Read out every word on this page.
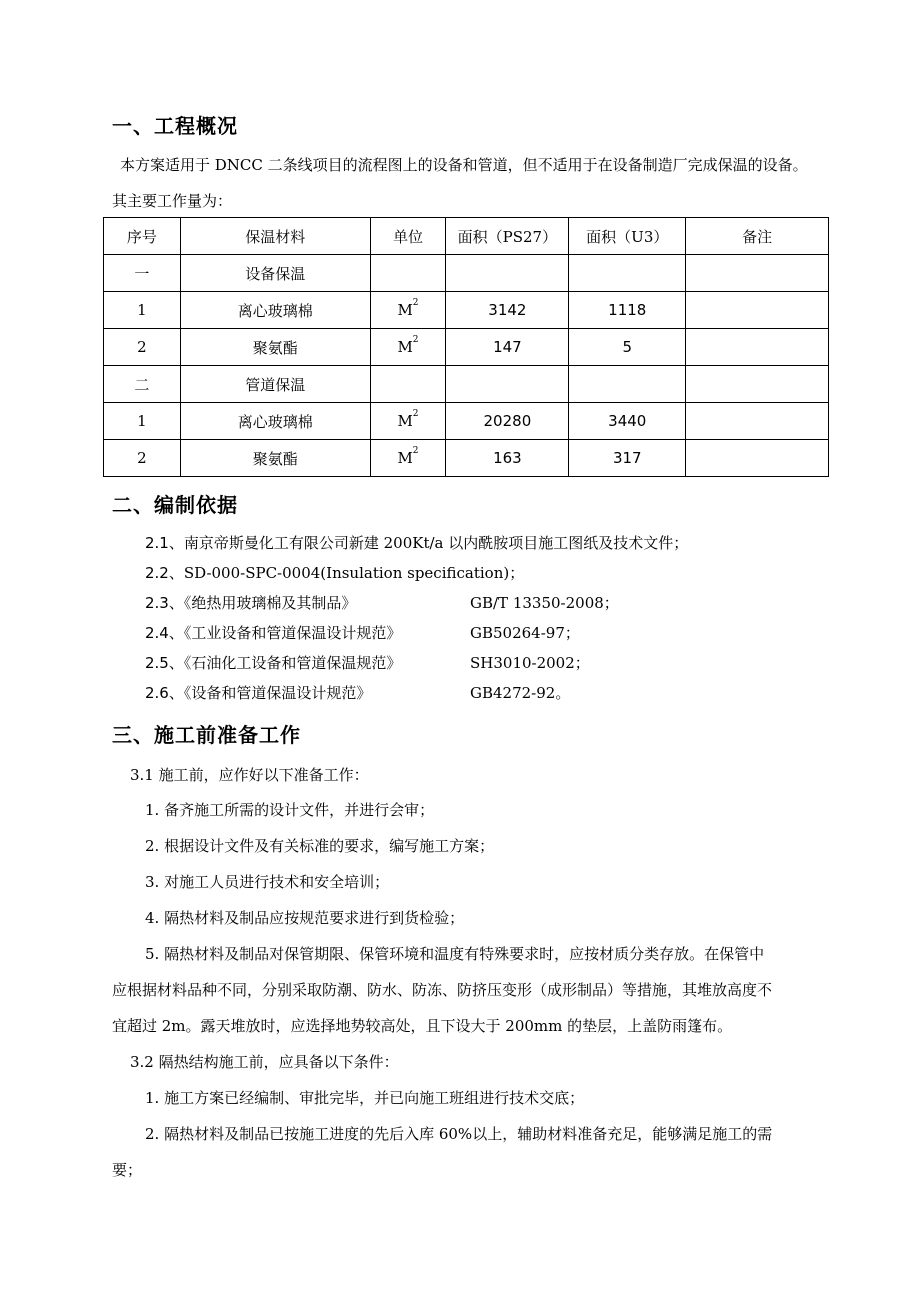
一、工程概况
本方案适用于 DNCC 二条线项目的流程图上的设备和管道，但不适用于在设备制造厂完成保温的设备。
其主要工作量为：
序号	保温材料	单位	面积（PS27）	面积（U3）	备注
一	设备保温				
1	离心玻璃棉	$M^2$	3142	1118	
2	聚氨酯	$M^2$	147	5	
二	管道保温				
1	离心玻璃棉	$M^2$	20280	3440	
2	聚氨酯	$M^2$	163	317	
二、编制依据
2.1、南京帝斯曼化工有限公司新建 200Kt/a 以内酰胺项目施工图纸及技术文件；
2.2、SD-000-SPC-0004(Insulation specification)；
2.3、《绝热用玻璃棉及其制品》	GB/T 13350-2008；
2.4、《工业设备和管道保温设计规范》	GB50264-97；
2.5、《石油化工设备和管道保温规范》	SH3010-2002；
2.6、《设备和管道保温设计规范》	GB4272-92。
三、施工前准备工作
3.1 施工前，应作好以下准备工作：
1. 备齐施工所需的设计文件，并进行会审；
2. 根据设计文件及有关标准的要求，编写施工方案；
3. 对施工人员进行技术和安全培训；
4. 隔热材料及制品应按规范要求进行到货检验；
5. 隔热材料及制品对保管期限、保管环境和温度有特殊要求时，应按材质分类存放。在保管中
应根据材料品种不同，分别采取防潮、防水、防冻、防挤压变形（成形制品）等措施，其堆放高度不
宜超过 2m。露天堆放时，应选择地势较高处，且下设大于 200mm 的垫层，上盖防雨篷布。
3.2 隔热结构施工前，应具备以下条件：
1. 施工方案已经编制、审批完毕，并已向施工班组进行技术交底；
2. 隔热材料及制品已按施工进度的先后入库 60%以上，辅助材料准备充足，能够满足施工的需
要；
